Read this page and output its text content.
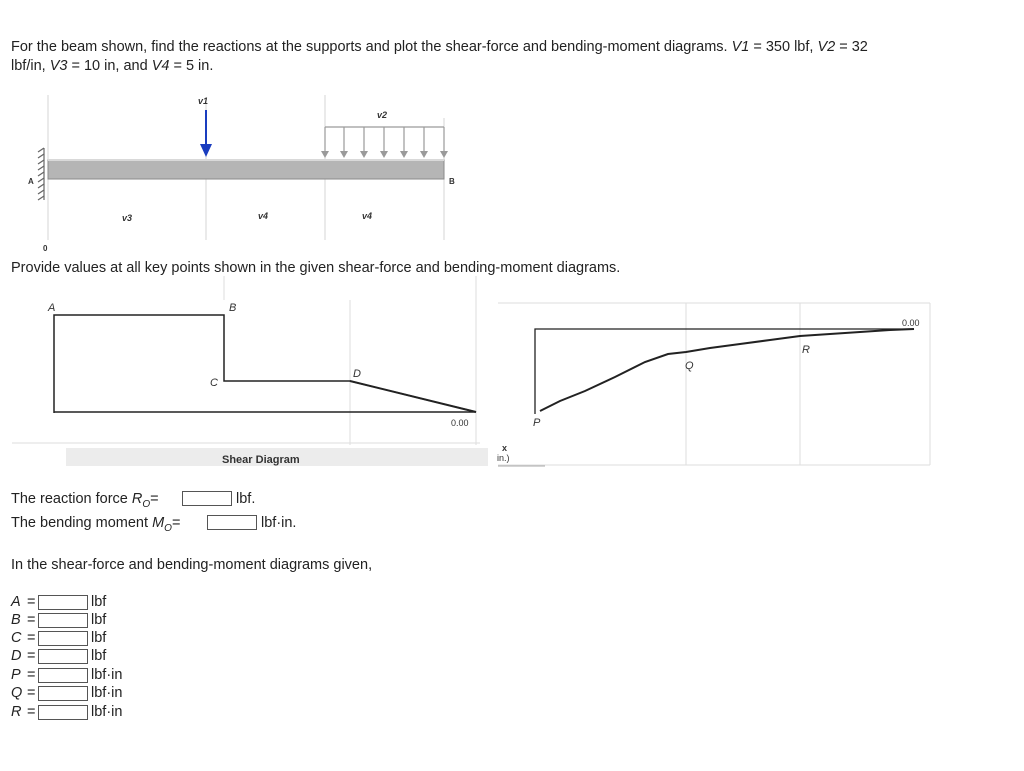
For the beam shown, find the reactions at the supports and plot the shear-force and bending-moment diagrams. V1 = 350 lbf, V2 = 32
lbf/in, V3 = 10 in, and V4 = 5 in.
v1
v2
v3	v4	v4
A	B
0
Provide values at all key points shown in the given shear-force and bending-moment diagrams.
A	B
C
D
0.00
Shear Diagram
0.00
P
Q
R
x
in.)
The reaction force $R_O=$	lbf.
The bending moment $M_O=$	lbf·in.
In the shear-force and bending-moment diagrams given,
A =	lbf
B =	lbf
C =	lbf
D =	lbf
P =	lbf·in
Q =	lbf·in
R =	lbf·in
